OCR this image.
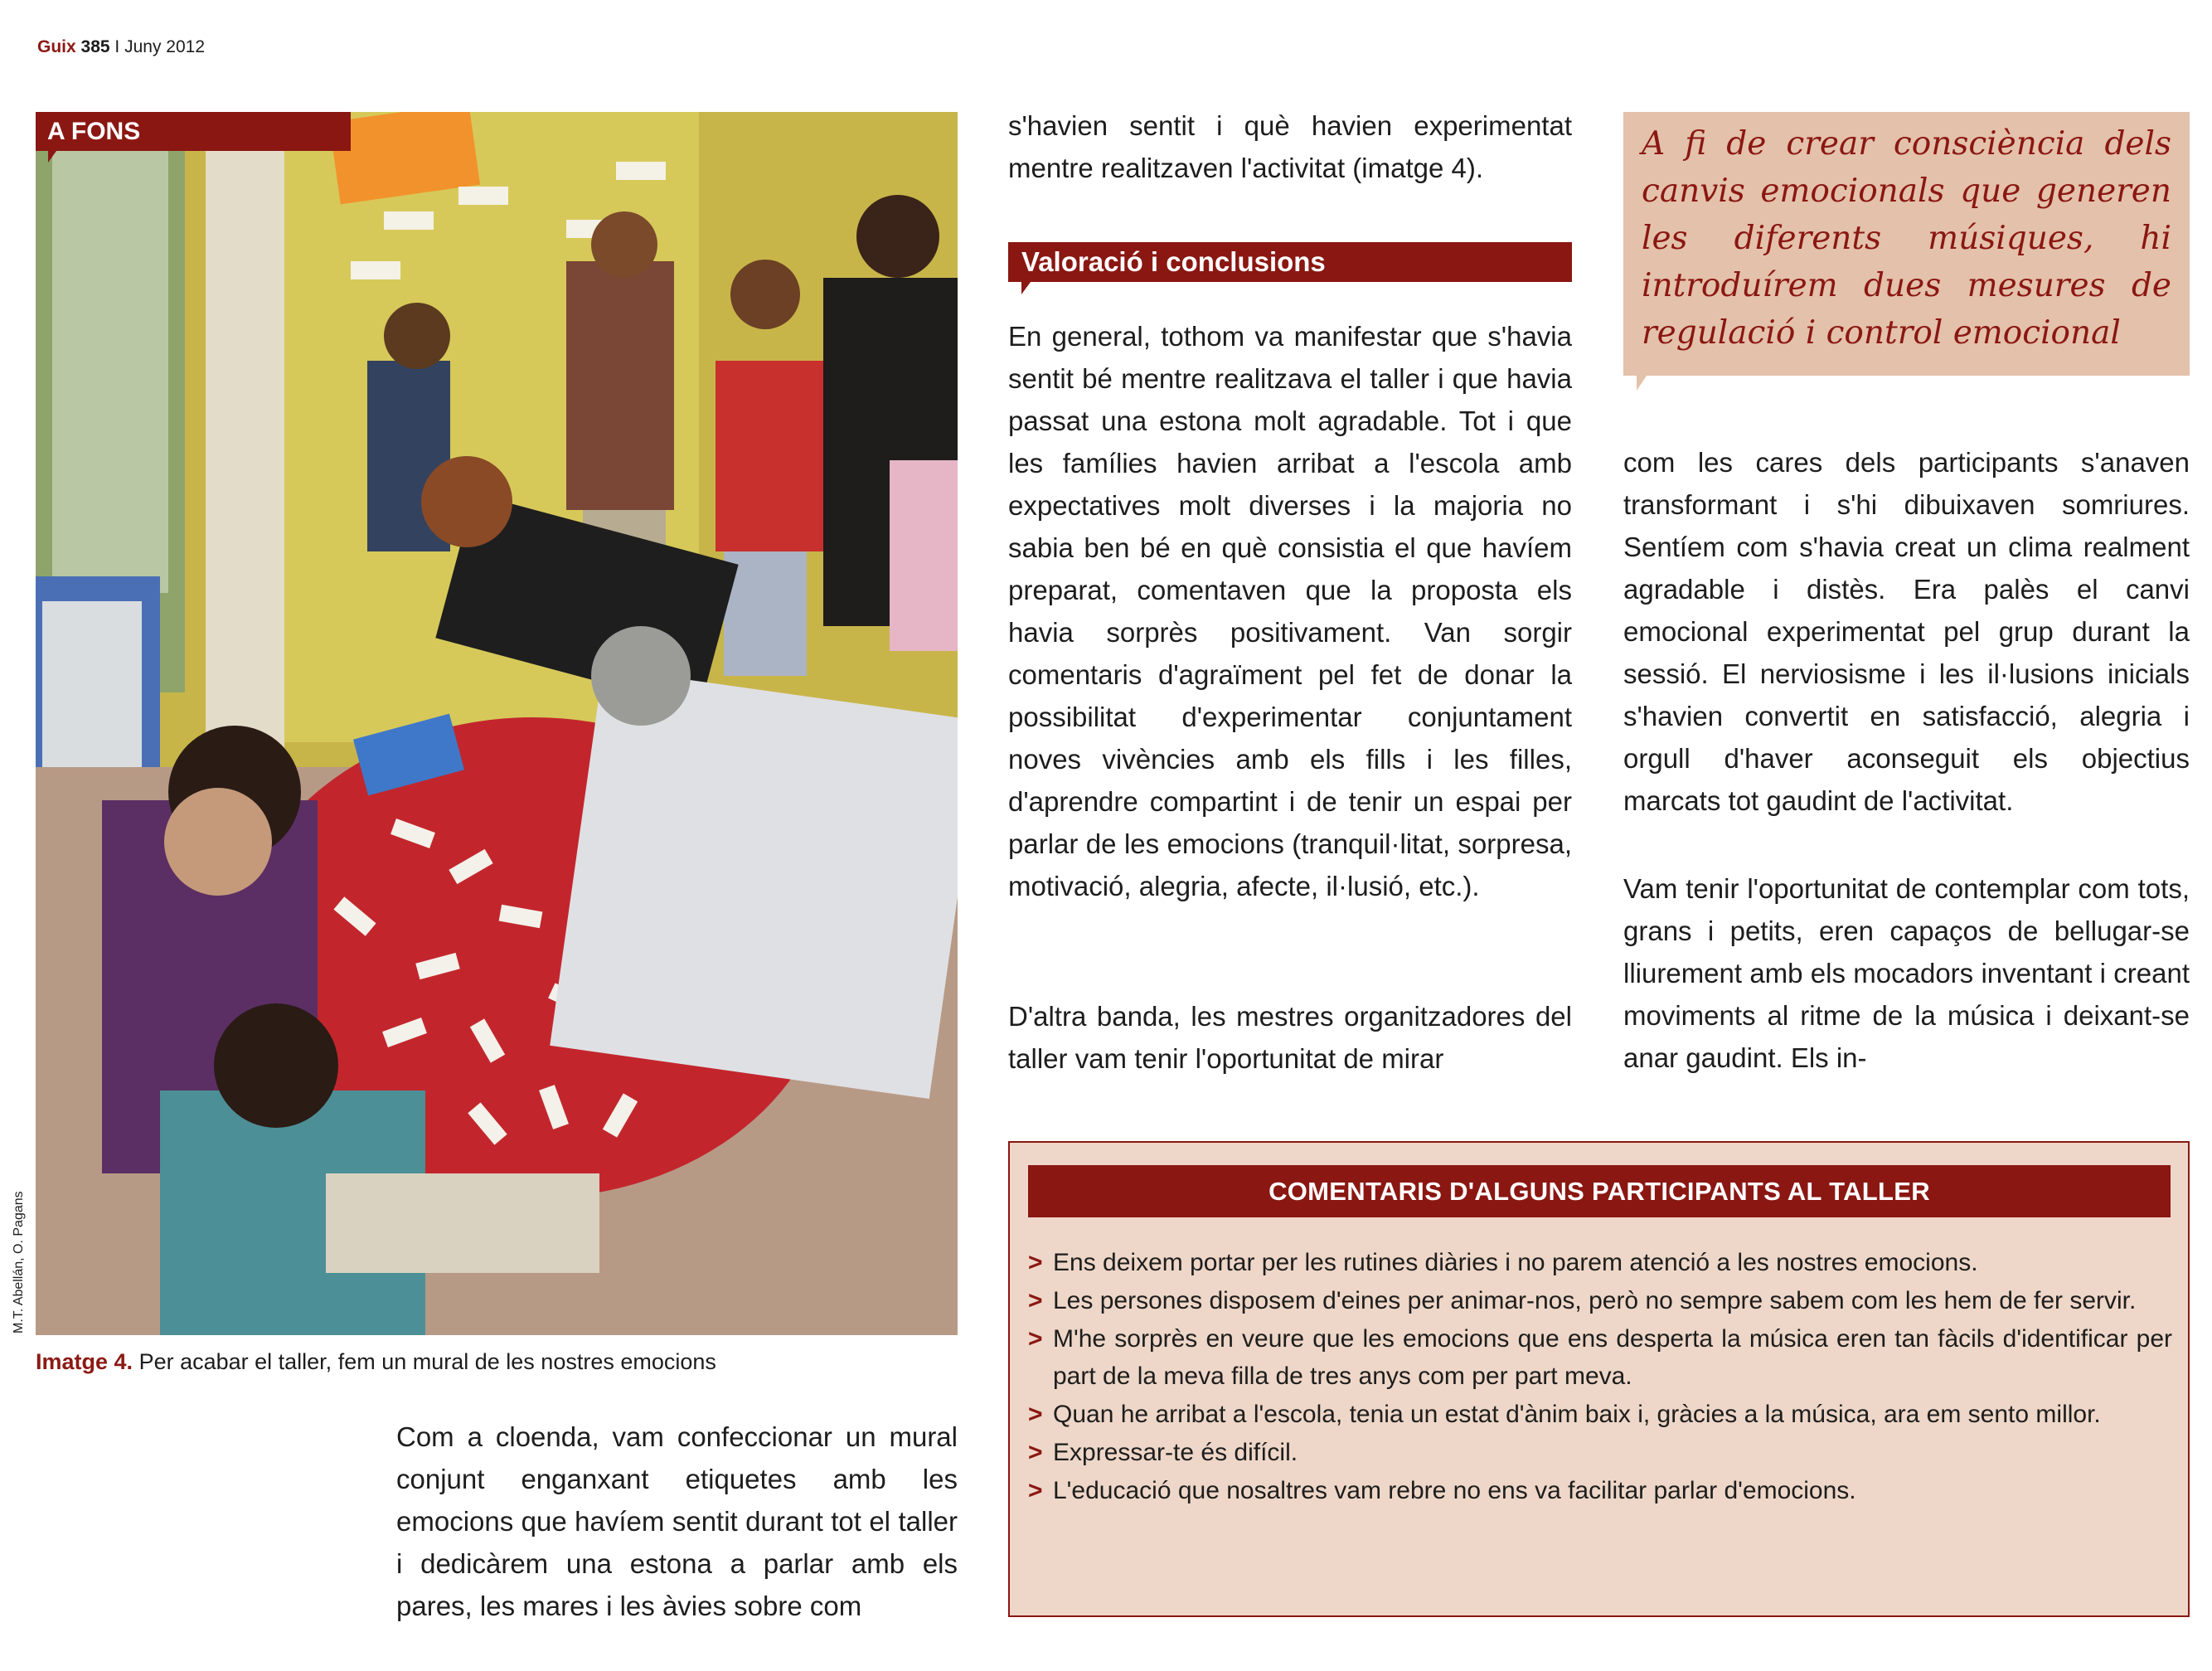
Guix 385 I Juny 2012
A FONS
M.T. Abellán, O. Pagans
Imatge 4. Per acabar el taller, fem un mural de les nostres emocions
Com a cloenda, vam confeccionar un mural conjunt enganxant etiquetes amb les emocions que havíem sentit durant tot el taller i dedicàrem una estona a parlar amb els pares, les mares i les àvies sobre com
s'havien sentit i què havien experimentat mentre realitzaven l'activitat (imatge 4).
Valoració i conclusions
En general, tothom va manifestar que s'havia sentit bé mentre realitzava el taller i que havia passat una estona molt agradable. Tot i que les famílies havien arribat a l'escola amb expectatives molt diverses i la majoria no sabia ben bé en què consistia el que havíem preparat, comentaven que la proposta els havia sorprès positivament. Van sorgir comentaris d'agraïment pel fet de donar la possibilitat d'experimentar conjuntament noves vivències amb els fills i les filles, d'aprendre compartint i de tenir un espai per parlar de les emocions (tranquil·litat, sorpresa, motivació, alegria, afecte, il·lusió, etc.).
D'altra banda, les mestres organitzadores del taller vam tenir l'oportunitat de mirar
A fi de crear consciència dels canvis emocionals que generen les diferents músiques, hi introduírem dues mesures de regulació i control emocional
com les cares dels participants s'anaven transformant i s'hi dibuixaven somriures. Sentíem com s'havia creat un clima realment agradable i distès. Era palès el canvi emocional experimentat pel grup durant la sessió. El nerviosisme i les il·lusions inicials s'havien convertit en satisfacció, alegria i orgull d'haver aconseguit els objectius marcats tot gaudint de l'activitat.
Vam tenir l'oportunitat de contemplar com tots, grans i petits, eren capaços de bellugar-se lliurement amb els mocadors inventant i creant moviments al ritme de la música i deixant-se anar gaudint. Els in-
COMENTARIS D'ALGUNS PARTICIPANTS AL TALLER
> Ens deixem portar per les rutines diàries i no parem atenció a les nostres emocions.
> Les persones disposem d'eines per animar-nos, però no sempre sabem com les hem de fer servir.
> M'he sorprès en veure que les emocions que ens desperta la música eren tan fàcils d'identificar per part de la meva filla de tres anys com per part meva.
> Quan he arribat a l'escola, tenia un estat d'ànim baix i, gràcies a la música, ara em sento millor.
> Expressar-te és difícil.
> L'educació que nosaltres vam rebre no ens va facilitar parlar d'emocions.
